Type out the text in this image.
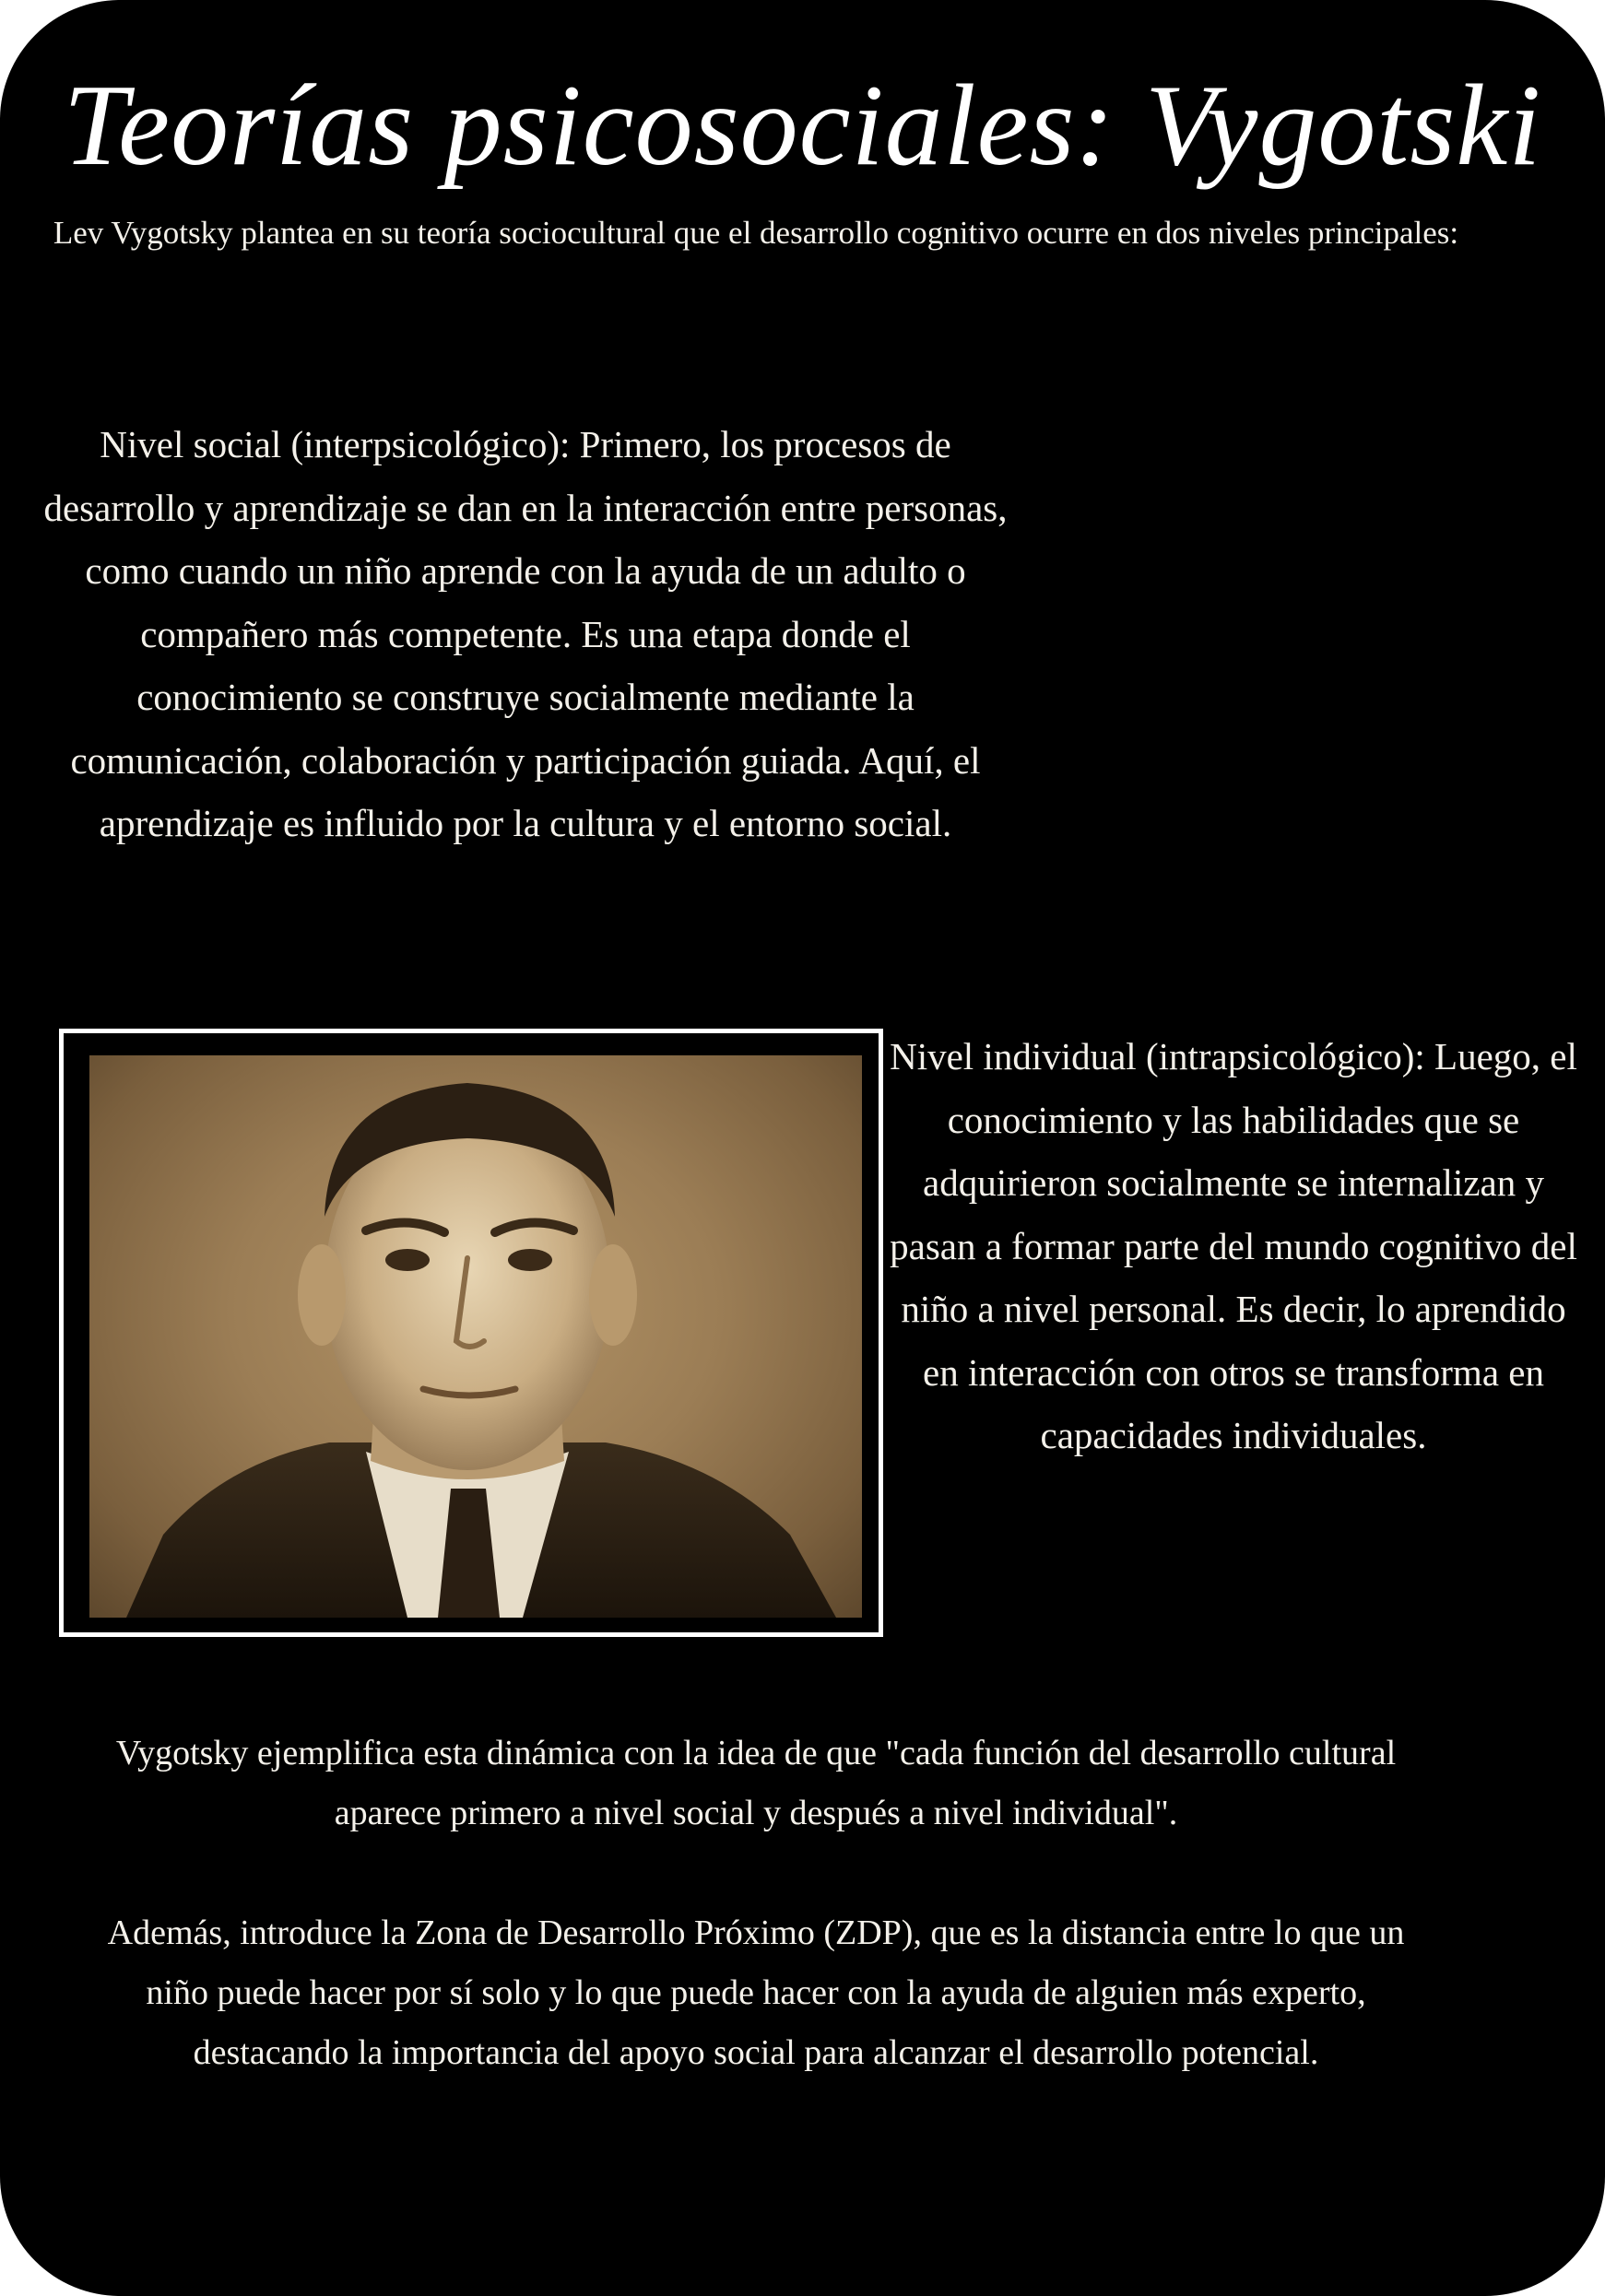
Teorías psicosociales: Vygotski
Lev Vygotsky plantea en su teoría sociocultural que el desarrollo cognitivo ocurre en dos niveles principales:
Nivel social (interpsicológico): Primero, los procesos de desarrollo y aprendizaje se dan en la interacción entre personas, como cuando un niño aprende con la ayuda de un adulto o compañero más competente. Es una etapa donde el conocimiento se construye socialmente mediante la comunicación, colaboración y participación guiada. Aquí, el aprendizaje es influido por la cultura y el entorno social.
Nivel individual (intrapsicológico): Luego, el conocimiento y las habilidades que se adquirieron socialmente se internalizan y pasan a formar parte del mundo cognitivo del niño a nivel personal. Es decir, lo aprendido en interacción con otros se transforma en capacidades individuales.
Vygotsky ejemplifica esta dinámica con la idea de que "cada función del desarrollo cultural aparece primero a nivel social y después a nivel individual".
Además, introduce la Zona de Desarrollo Próximo (ZDP), que es la distancia entre lo que un niño puede hacer por sí solo y lo que puede hacer con la ayuda de alguien más experto, destacando la importancia del apoyo social para alcanzar el desarrollo potencial.
